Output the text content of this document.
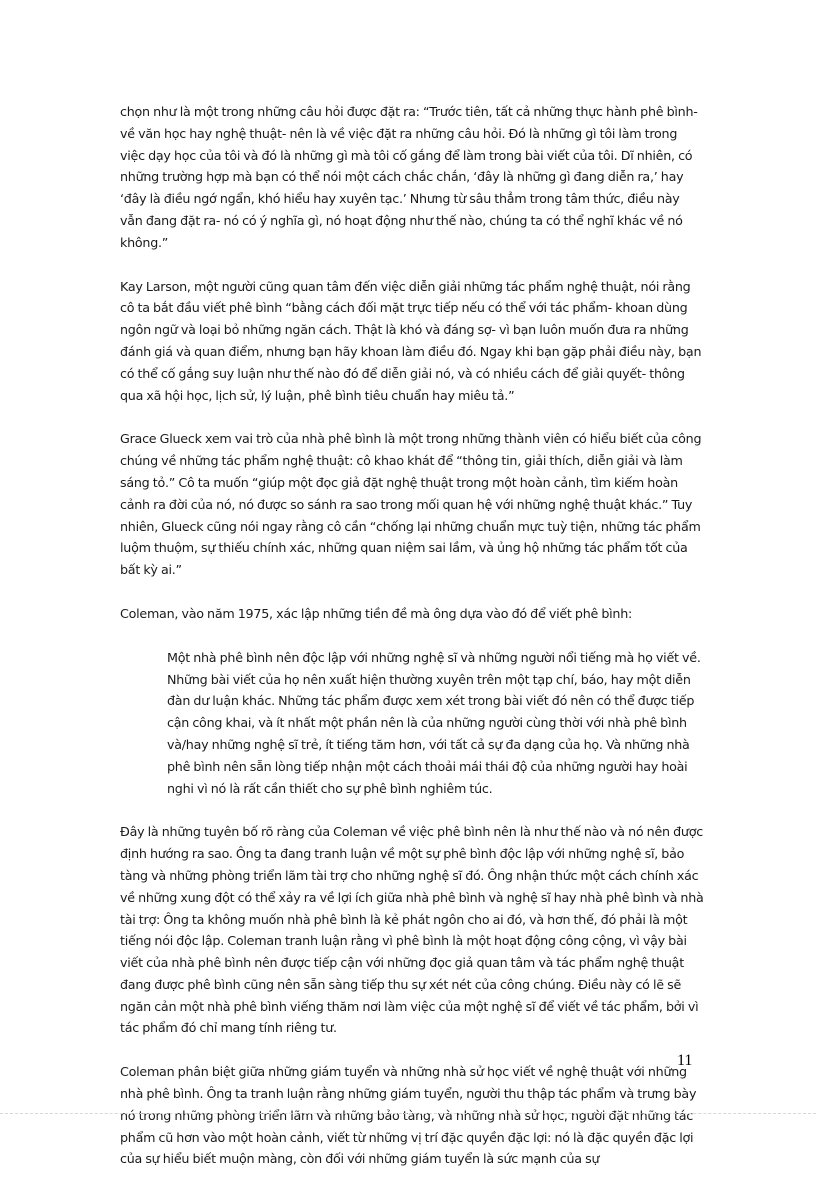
chọn như là một trong những câu hỏi được đặt ra: “Trước tiên, tất cả những thực hành phê bình- về văn học hay nghệ thuật- nên là về việc đặt ra những câu hỏi. Đó là những gì tôi làm trong việc dạy học của tôi và đó là những gì mà tôi cố gắng để làm trong bài viết của tôi. Dĩ nhiên, có những trường hợp mà bạn có thể nói một cách chắc chắn, ‘đây là những gì đang diễn ra,’ hay ‘đây là điều ngớ ngẩn, khó hiểu hay xuyên tạc.’ Nhưng từ sâu thẳm trong tâm thức, điều này vẫn đang đặt ra- nó có ý nghĩa gì, nó hoạt động như thế nào, chúng ta có thể nghĩ khác về nó không.”

Kay Larson, một người cũng quan tâm đến việc diễn giải những tác phẩm nghệ thuật, nói rằng cô ta bắt đầu viết phê bình “bằng cách đối mặt trực tiếp nếu có thể với tác phẩm- khoan dùng ngôn ngữ và loại bỏ những ngăn cách. Thật là khó và đáng sợ- vì bạn luôn muốn đưa ra những đánh giá và quan điểm, nhưng bạn hãy khoan làm điều đó. Ngay khi bạn gặp phải điều này, bạn có thể cố gắng suy luận như thế nào đó để diễn giải nó, và có nhiều cách để giải quyết- thông qua xã hội học, lịch sử, lý luận, phê bình tiêu chuẩn hay miêu tả.”

Grace Glueck xem vai trò của nhà phê bình là một trong những thành viên có hiểu biết của công chúng về những tác phẩm nghệ thuật: cô khao khát để “thông tin, giải thích, diễn giải và làm sáng tỏ.” Cô ta muốn “giúp một đọc giả đặt nghệ thuật trong một hoàn cảnh, tìm kiếm hoàn cảnh ra đời của nó, nó được so sánh ra sao trong mối quan hệ với những nghệ thuật khác.” Tuy nhiên, Glueck cũng nói ngay rằng cô cần “chống lại những chuẩn mực tuỳ tiện, những tác phẩm luộm thuộm, sự thiếu chính xác, những quan niệm sai lầm, và ủng hộ những tác phẩm tốt của bất kỳ ai.”

Coleman, vào năm 1975, xác lập những tiền đề mà ông dựa vào đó để viết phê bình:

Một nhà phê bình nên độc lập với những nghệ sĩ và những người nổi tiếng mà họ viết về. Những bài viết của họ nên xuất hiện thường xuyên trên một tạp chí, báo, hay một diễn đàn dư luận khác. Những tác phẩm được xem xét trong bài viết đó nên có thể được tiếp cận công khai, và ít nhất một phần nên là của những người cùng thời với nhà phê bình và/hay những nghệ sĩ trẻ, ít tiếng tăm hơn, với tất cả sự đa dạng của họ. Và những nhà phê bình nên sẵn lòng tiếp nhận một cách thoải mái thái độ của những người hay hoài nghi vì nó là rất cần thiết cho sự phê bình nghiêm túc.

Đây là những tuyên bố rõ ràng của Coleman về việc phê bình nên là như thế nào và nó nên được định hướng ra sao. Ông ta đang tranh luận về một sự phê bình độc lập với những nghệ sĩ, bảo tàng và những phòng triển lãm tài trợ cho những nghệ sĩ đó. Ông nhận thức một cách chính xác về những xung đột có thể xảy ra về lợi ích giữa nhà phê bình và nghệ sĩ hay nhà phê bình và nhà tài trợ: Ông ta không muốn nhà phê bình là kẻ phát ngôn cho ai đó, và hơn thế, đó phải là một tiếng nói độc lập. Coleman tranh luận rằng vì phê bình là một hoạt động công cộng, vì vậy bài viết của nhà phê bình nên được tiếp cận với những đọc giả quan tâm và tác phẩm nghệ thuật đang được phê bình cũng nên sẵn sàng tiếp thu sự xét nét của công chúng. Điều này có lẽ sẽ ngăn cản một nhà phê bình viếng thăm nơi làm việc của một nghệ sĩ để viết về tác phẩm, bởi vì tác phẩm đó chỉ mang tính riêng tư.

Coleman phân biệt giữa những giám tuyển và những nhà sử học viết về nghệ thuật với những nhà phê bình. Ông ta tranh luận rằng những giám tuyển, người thu thập tác phẩm và trưng bày nó trong những phòng triển lãm và những bảo tàng, và những nhà sử học, người đặt những tác phẩm cũ hơn vào một hoàn cảnh, viết từ những vị trí đặc quyền đặc lợi: nó là đặc quyền đặc lợi của sự hiểu biết muộn màng, còn đối với những giám tuyển là sức mạnh của sự

11
